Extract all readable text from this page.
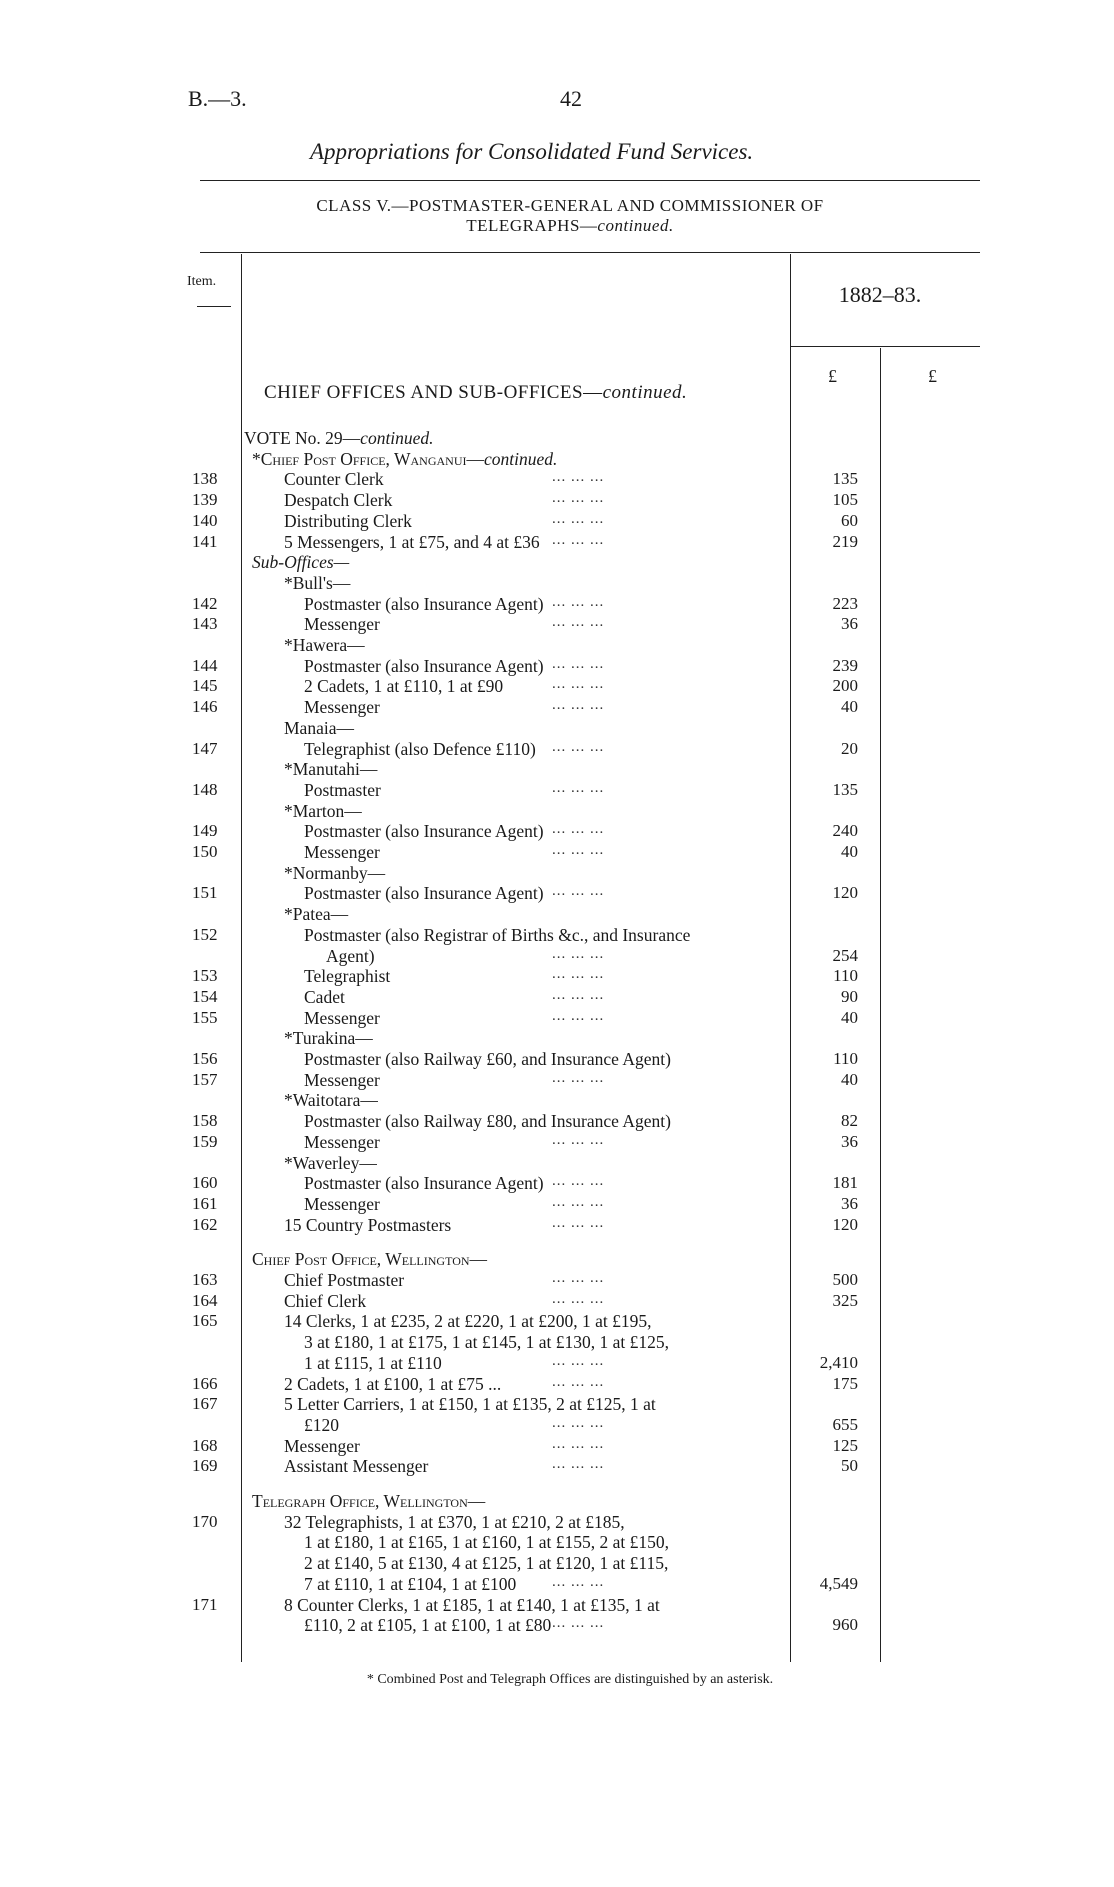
B.—3.	42
Appropriations for Consolidated Fund Services.
CLASS V.—POSTMASTER-GENERAL AND COMMISSIONER OF
TELEGRAPHS—continued.
Item.
1882–83.
£	£
CHIEF OFFICES AND SUB-OFFICES—continued.
VOTE No. 29—continued.
*Chief Post Office, Wanganui—continued.
138	Counter Clerk	... ... ...	135
139	Despatch Clerk	... ... ...	105
140	Distributing Clerk	... ... ...	60
141	5 Messengers, 1 at £75, and 4 at £36 ... ... ...	219
Sub-Offices—
*Bull's—
142	Postmaster (also Insurance Agent) ... ... ...	223
143	Messenger	... ... ...	36
*Hawera—
144	Postmaster (also Insurance Agent) ... ... ...	239
145	2 Cadets, 1 at £110, 1 at £90	... ... ...	200
146	Messenger	... ... ...	40
Manaia—
147	Telegraphist (also Defence £110) ... ... ...	20
*Manutahi—
148	Postmaster	... ... ...	135
*Marton—
149	Postmaster (also Insurance Agent) ... ... ...	240
150	Messenger	... ... ...	40
*Normanby—
151	Postmaster (also Insurance Agent) ... ... ...	120
*Patea—
152	Postmaster (also Registrar of Births &c., and Insurance
Agent)	... ... ...	254
153	Telegraphist	... ... ...	110
154	Cadet	... ... ...	90
155	Messenger	... ... ...	40
*Turakina—
156	Postmaster (also Railway £60, and Insurance Agent)	110
157	Messenger	... ... ...	40
*Waitotara—
158	Postmaster (also Railway £80, and Insurance Agent)	82
159	Messenger	... ... ...	36
*Waverley—
160	Postmaster (also Insurance Agent) ... ... ...	181
161	Messenger	... ... ...	36
162	15 Country Postmasters	... ... ...	120
Chief Post Office, Wellington—
163	Chief Postmaster	... ... ...	500
164	Chief Clerk	... ... ...	325
165	14 Clerks, 1 at £235, 2 at £220, 1 at £200, 1 at £195,
3 at £180, 1 at £175, 1 at £145, 1 at £130, 1 at £125,
1 at £115, 1 at £110	... ... ...	2,410
166	2 Cadets, 1 at £100, 1 at £75 ...	... ... ...	175
167	5 Letter Carriers, 1 at £150, 1 at £135, 2 at £125, 1 at
£120	... ... ...	655
168	Messenger	... ... ...	125
169	Assistant Messenger	... ... ...	50
Telegraph Office, Wellington—
170	32 Telegraphists, 1 at £370, 1 at £210, 2 at £185,
1 at £180, 1 at £165, 1 at £160, 1 at £155, 2 at £150,
2 at £140, 5 at £130, 4 at £125, 1 at £120, 1 at £115,
7 at £110, 1 at £104, 1 at £100 ... ... ...	4,549
171	8 Counter Clerks, 1 at £185, 1 at £140, 1 at £135, 1 at
£110, 2 at £105, 1 at £100, 1 at £80 ... ... ...	960
* Combined Post and Telegraph Offices are distinguished by an asterisk.
